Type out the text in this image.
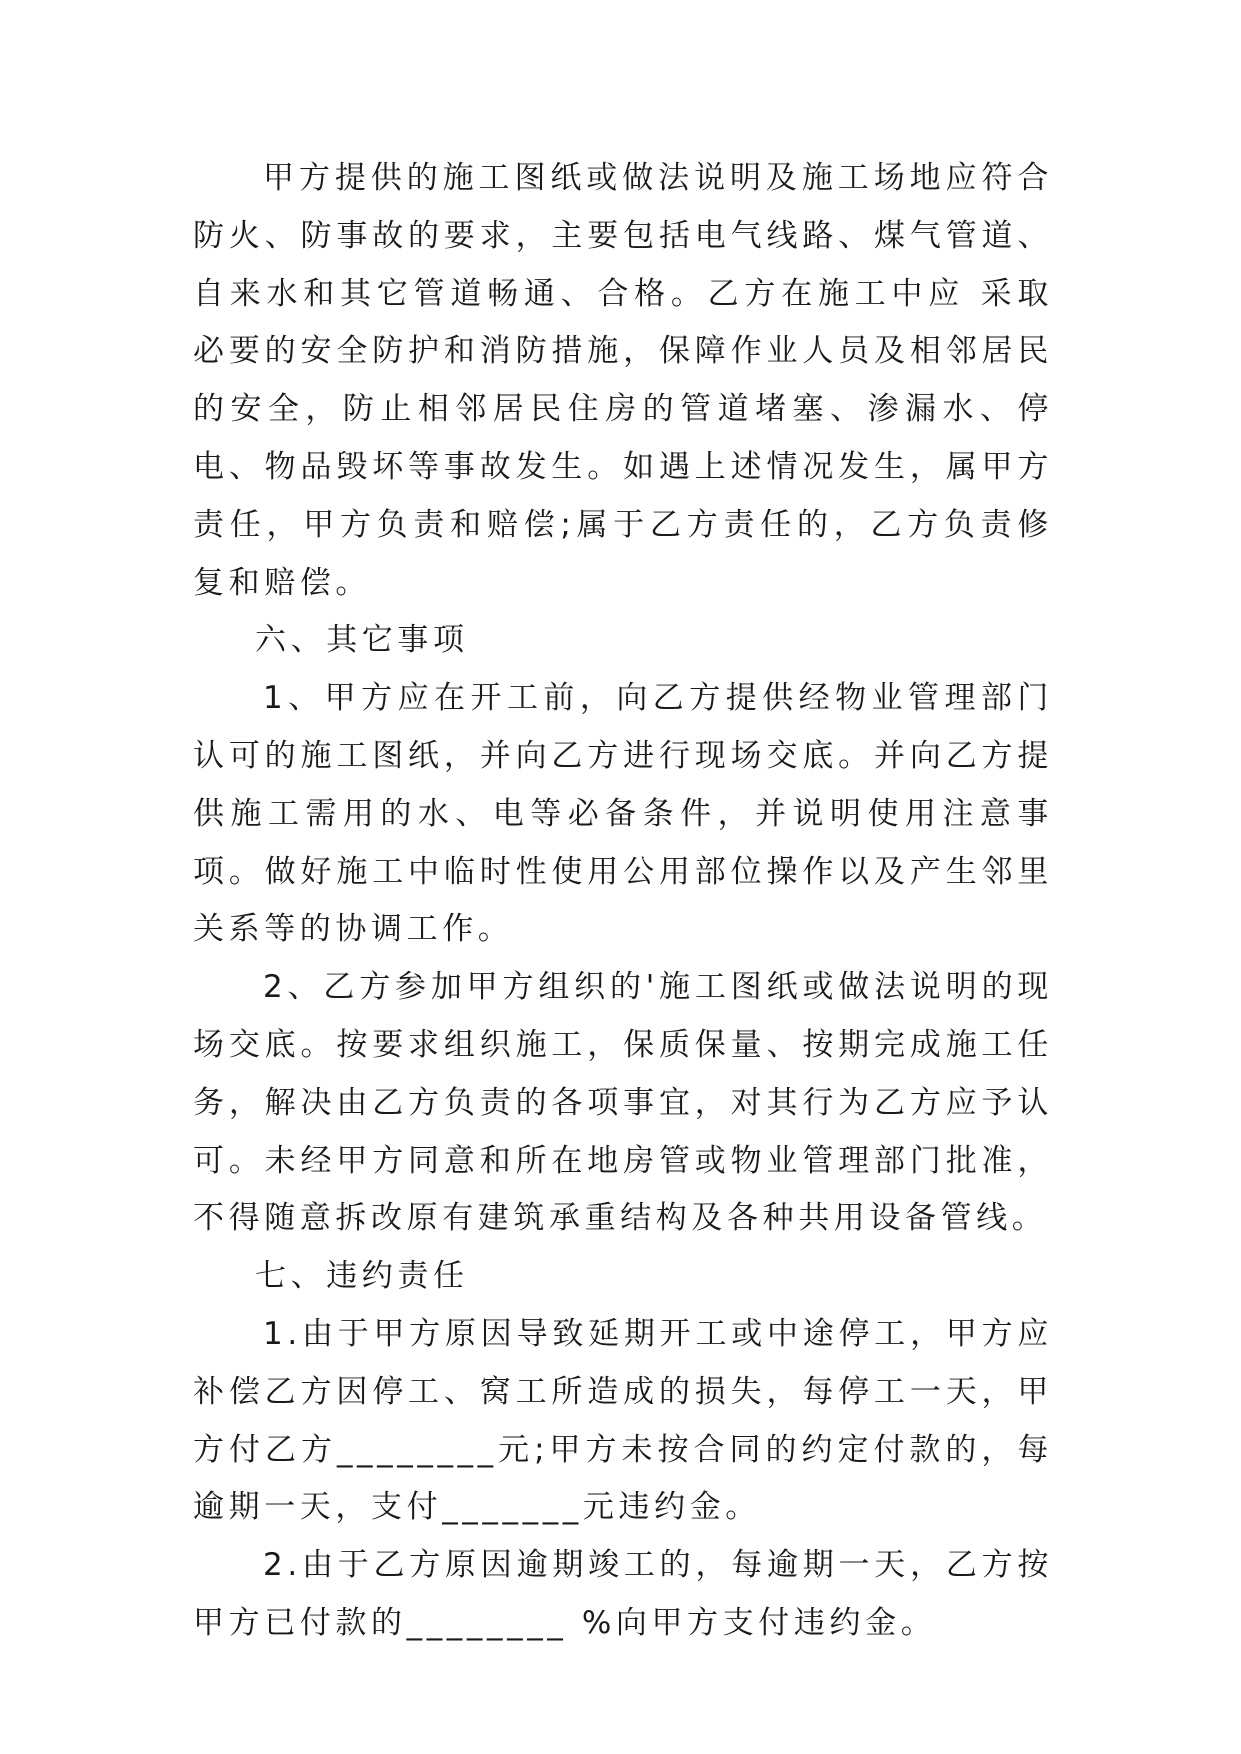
甲方提供的施工图纸或做法说明及施工场地应符合防火、防事故的要求，主要包括电气线路、煤气管道、自来水和其它管道畅通、合格。乙方在施工中应 采取必要的安全防护和消防措施，保障作业人员及相邻居民的安全，防止相邻居民住房的管道堵塞、渗漏水、停电、物品毁坏等事故发生。如遇上述情况发生，属甲方责任，甲方负责和赔偿;属于乙方责任的，乙方负责修复和赔偿。

六、其它事项

1、甲方应在开工前，向乙方提供经物业管理部门认可的施工图纸，并向乙方进行现场交底。并向乙方提供施工需用的水、电等必备条件，并说明使用注意事项。做好施工中临时性使用公用部位操作以及产生邻里关系等的协调工作。

2、乙方参加甲方组织的'施工图纸或做法说明的现场交底。按要求组织施工，保质保量、按期完成施工任务，解决由乙方负责的各项事宜，对其行为乙方应予认可。未经甲方同意和所在地房管或物业管理部门批准，不得随意拆改原有建筑承重结构及各种共用设备管线。

七、违约责任

1.由于甲方原因导致延期开工或中途停工，甲方应补偿乙方因停工、窝工所造成的损失，每停工一天，甲方付乙方________元;甲方未按合同的约定付款的，每逾期一天，支付_______元违约金。

2.由于乙方原因逾期竣工的，每逾期一天，乙方按甲方已付款的________ %向甲方支付违约金。
